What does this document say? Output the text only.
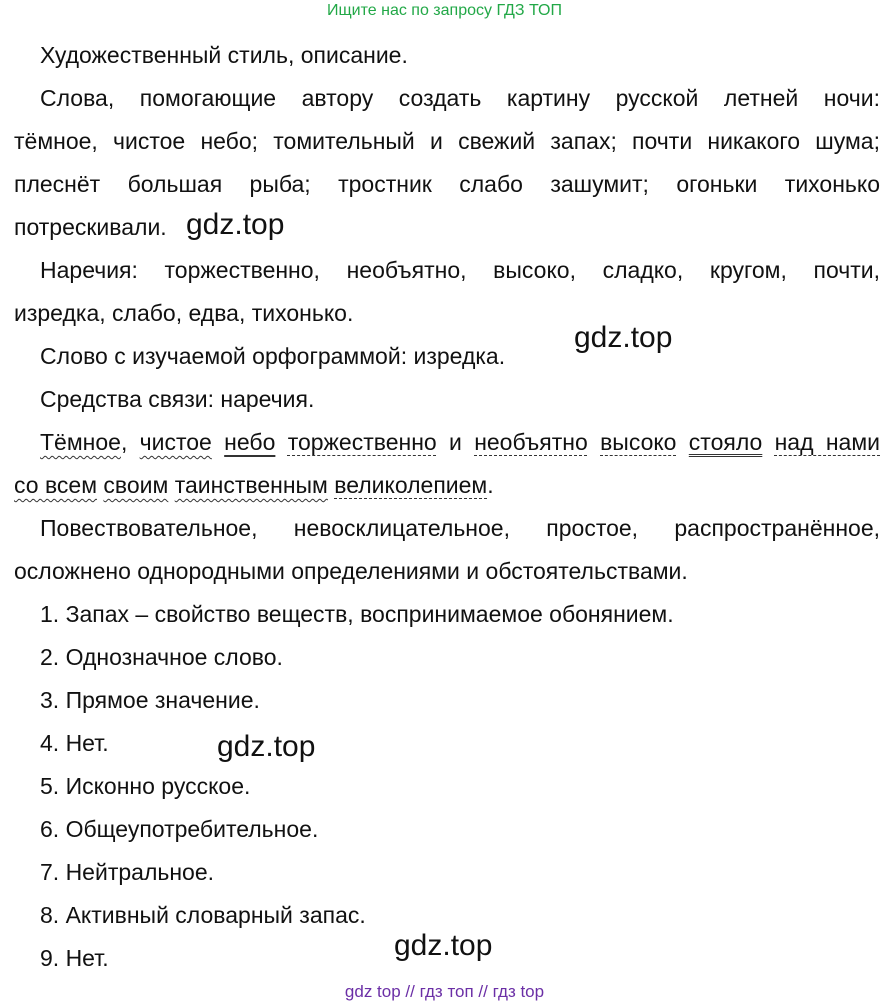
Ищите нас по запросу ГДЗ ТОП

Художественный стиль, описание.

Слова, помогающие автору создать картину русской летней ночи:

тёмное, чистое небо; томительный и свежий запах; почти никакого шума;

плеснёт большая рыба; тростник слабо зашумит; огоньки тихонько

потрескивали.

Наречия: торжественно, необъятно, высоко, сладко, кругом, почти,

изредка, слабо, едва, тихонько.

Слово с изучаемой орфограммой: изредка.

Средства связи: наречия.

Тёмное, чистое небо торжественно и необъятно высоко стояло над нами

со всем своим таинственным великолепием.

Повествовательное, невосклицательное, простое, распространённое,

осложнено однородными определениями и обстоятельствами.

1. Запах – свойство веществ, воспринимаемое обонянием.

2. Однозначное слово.

3. Прямое значение.

4. Нет.

5. Исконно русское.

6. Общеупотребительное.

7. Нейтральное.

8. Активный словарный запас.

9. Нет.

gdz.top
gdz.top
gdz.top
gdz.top
gdz top // гдз топ // гдз top
